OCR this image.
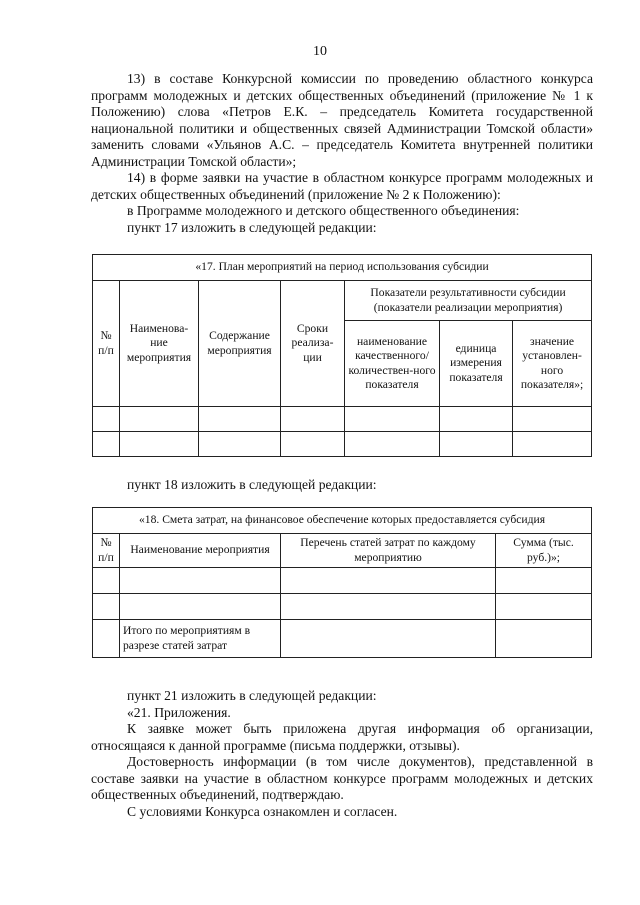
10

13) в составе Конкурсной комиссии по проведению областного конкурса программ молодежных и детских общественных объединений (приложение № 1 к Положению) слова «Петров Е.К. – председатель Комитета государственной национальной политики и общественных связей Администрации Томской области» заменить словами «Ульянов А.С. – председатель Комитета внутренней политики Администрации Томской области»;

14) в форме заявки на участие в областном конкурсе программ молодежных и детских общественных объединений (приложение № 2 к Положению):

в Программе молодежного и детского общественного объединения:

пункт 17 изложить в следующей редакции:

«17. План мероприятий на период использования субсидии						
№ п/п	Наименова-ние мероприятия	Содержание мероприятия	Сроки реализа-ции	Показатели результативности субсидии (показатели реализации мероприятия)		
				наименование качественного/ количествен-ного показателя	единица измерения показателя	значение установлен-ного показателя»;

пункт 18 изложить в следующей редакции:

«18. Смета затрат, на финансовое обеспечение которых предоставляется субсидия			
№ п/п	Наименование мероприятия	Перечень статей затрат по каждому мероприятию	Сумма (тыс. руб.)»;

	Итого по мероприятиям в разрезе статей затрат		

пункт 21 изложить в следующей редакции:

«21. Приложения.

К заявке может быть приложена другая информация об организации, относящаяся к данной программе (письма поддержки, отзывы).

Достоверность информации (в том числе документов), представленной в составе заявки на участие в областном конкурсе программ молодежных и детских общественных объединений, подтверждаю.

С условиями Конкурса ознакомлен и согласен.
